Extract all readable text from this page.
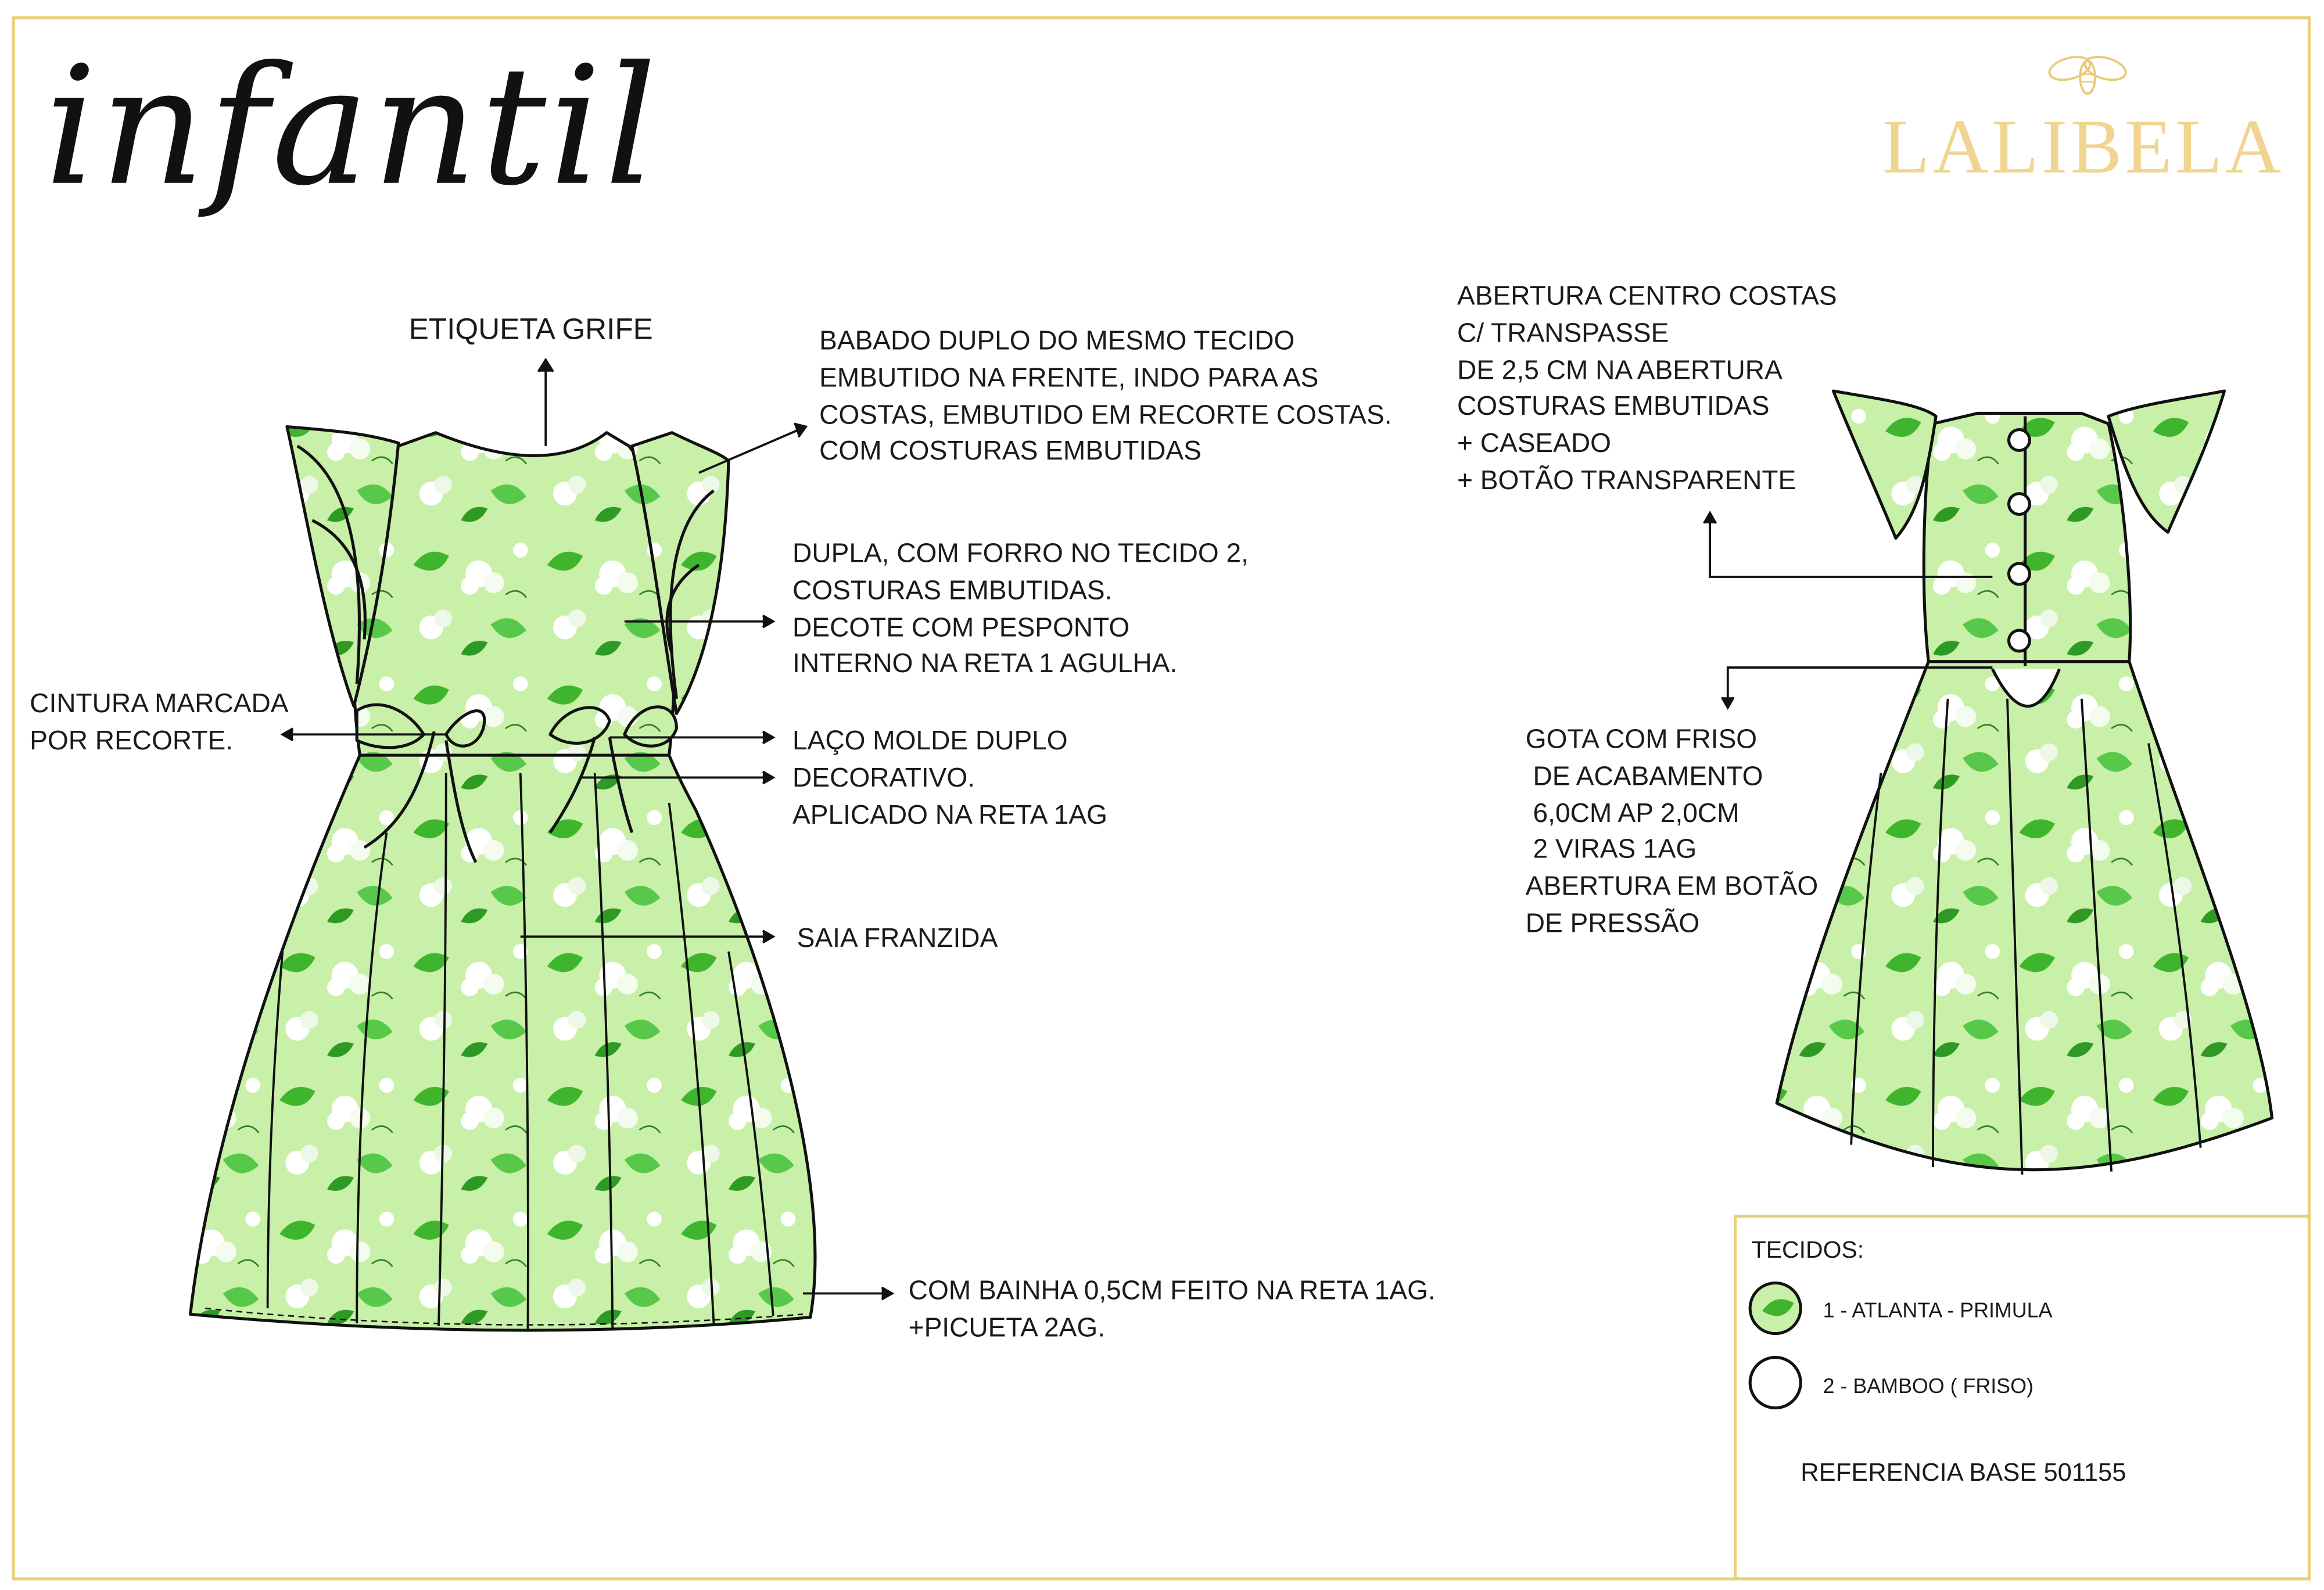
infantil	LALIBELA
ETIQUETA GRIFE	BABADO DUPLO DO MESMO TECIDO
EMBUTIDO NA FRENTE, INDO PARA AS
COSTAS, EMBUTIDO EM RECORTE COSTAS.
COM COSTURAS EMBUTIDAS
DUPLA, COM FORRO NO TECIDO 2,
COSTURAS EMBUTIDAS.
DECOTE COM PESPONTO
INTERNO NA RETA 1 AGULHA.
CINTURA MARCADA
POR RECORTE.	LAÇO MOLDE DUPLO
DECORATIVO.
APLICADO NA RETA 1AG
SAIA FRANZIDA
COM BAINHA 0,5CM FEITO NA RETA 1AG.
+PICUETA 2AG.
ABERTURA CENTRO COSTAS
C/ TRANSPASSE
DE 2,5 CM NA ABERTURA
COSTURAS EMBUTIDAS
+ CASEADO
+ BOTÃO TRANSPARENTE
GOTA COM FRISO
DE ACABAMENTO
6,0CM AP 2,0CM
2 VIRAS 1AG
ABERTURA EM BOTÃO
DE PRESSÃO
TECIDOS:
1 - ATLANTA - PRIMULA
2 - BAMBOO ( FRISO)
REFERENCIA BASE 501155
